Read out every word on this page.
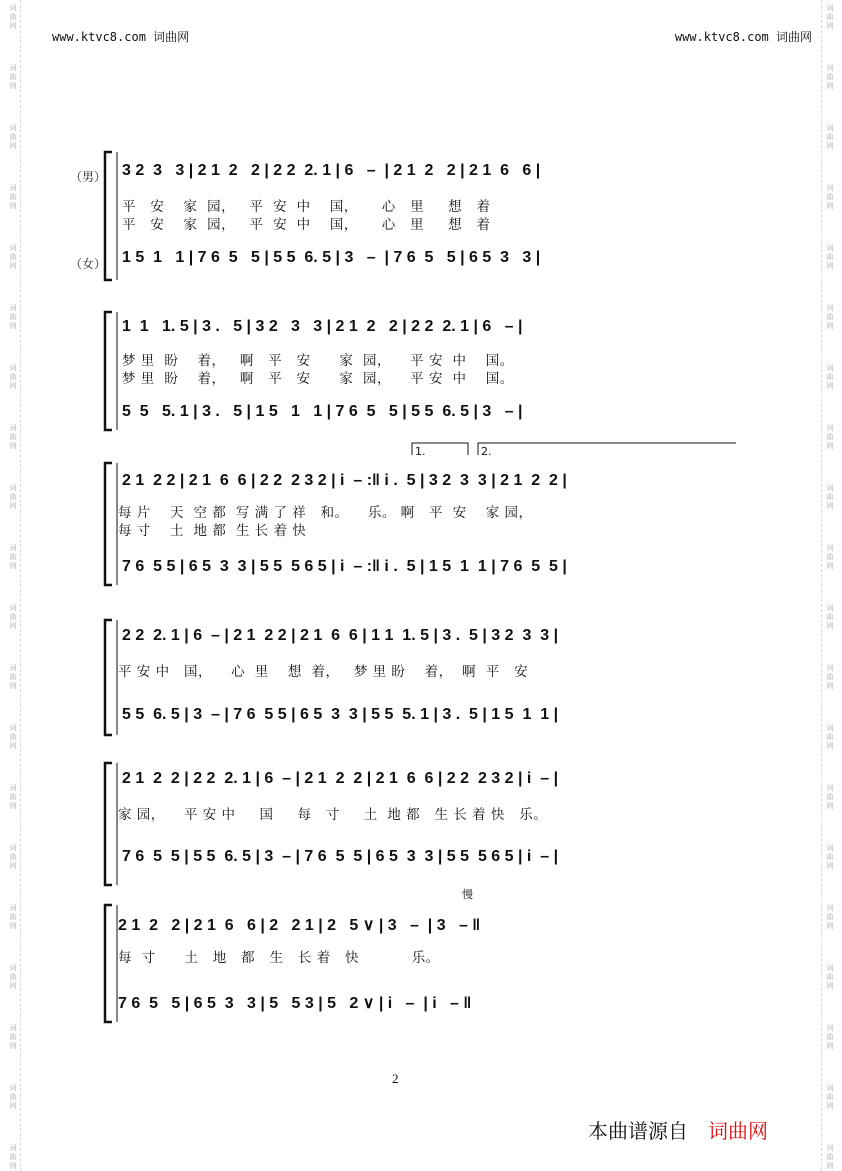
词
曲
网
词
曲
网
词
曲
网
词
曲
网
词
曲
网
词
曲
网
词
曲
网
词
曲
网
词
曲
网
词
曲
网
词
曲
网
词
曲
网
词
曲
网
词
曲
网
词
曲
网
词
曲
网
词
曲
网
词
曲
网
词
曲
网
词
曲
网
词
曲
网
词
曲
网
词
曲
网
词
曲
网
词
曲
网
词
曲
网
词
曲
网
词
曲
网
词
曲
网
词
曲
网
词
曲
网
词
曲
网
词
曲
网
词
曲
网
词
曲
网
词
曲
网
词
曲
网
词
曲
网
词
曲
网
词
曲
网
www.ktvc8.com 词曲网	www.ktvc8.com 词曲网
（男）
（女）
慢
1.	2.
3 2  3   3 | 2 1  2   2 | 2 2  2. 1 | 6   –  | 2 1  2   2 | 2 1  6   6 |
平   安    家  园，   平  安  中    国，     心   里     想   着
平   安    家  园，   平  安  中    国，     心   里     想   着
1 5  1   1 | 7 6  5   5 | 5 5  6. 5 | 3   –  | 7 6  5   5 | 6 5  3   3 |
1  1   1. 5 | 3 .   5 | 3 2   3   3 | 2 1  2   2 | 2 2  2. 1 | 6   – |
梦 里  盼    着，   啊   平   安      家  园，    平 安  中    国。
梦 里  盼    着，   啊   平   安      家  园，    平 安  中    国。
5  5   5. 1 | 3 .   5 | 1 5   1   1 | 7 6  5   5 | 5 5  6. 5 | 3   – |
2 1  2 2 | 2 1  6  6 | 2 2  2 3 2 | i  – :‖ i .  5 | 3 2  3  3 | 2 1  2  2 |
每 片    天  空 都  写 满 了 祥   和。    乐。 啊   平  安    家 园，
每 寸    土  地 都  生 长 着 快
7 6  5 5 | 6 5  3  3 | 5 5  5 6 5 | i  – :‖ i .  5 | 1 5  1  1 | 7 6  5  5 |
2 2  2. 1 | 6  – | 2 1  2 2 | 2 1  6  6 | 1 1  1. 5 | 3 .  5 | 3 2  3  3 |
平 安 中   国，    心  里    想  着，   梦 里 盼    着，  啊  平   安
5 5  6. 5 | 3  – | 7 6  5 5 | 6 5  3  3 | 5 5  5. 1 | 3 .  5 | 1 5  1  1 |
2 1  2  2 | 2 2  2. 1 | 6  – | 2 1  2  2 | 2 1  6  6 | 2 2  2 3 2 | i  – |
家 园，    平 安 中     国     每   寸     土  地 都   生 长 着 快   乐。
7 6  5  5 | 5 5  6. 5 | 3  – | 7 6  5  5 | 6 5  3  3 | 5 5  5 6 5 | i  – |
2 1  2   2 | 2 1  6   6 | 2   2 1 | 2   5 ∨ | 3   –  | 3   – ‖
每  寸      土   地   都   生   长 着   快           乐。
7 6  5   5 | 6 5  3   3 | 5   5 3 | 5   2 ∨ | i   –  | i   – ‖
2
本曲谱源自 词曲网
